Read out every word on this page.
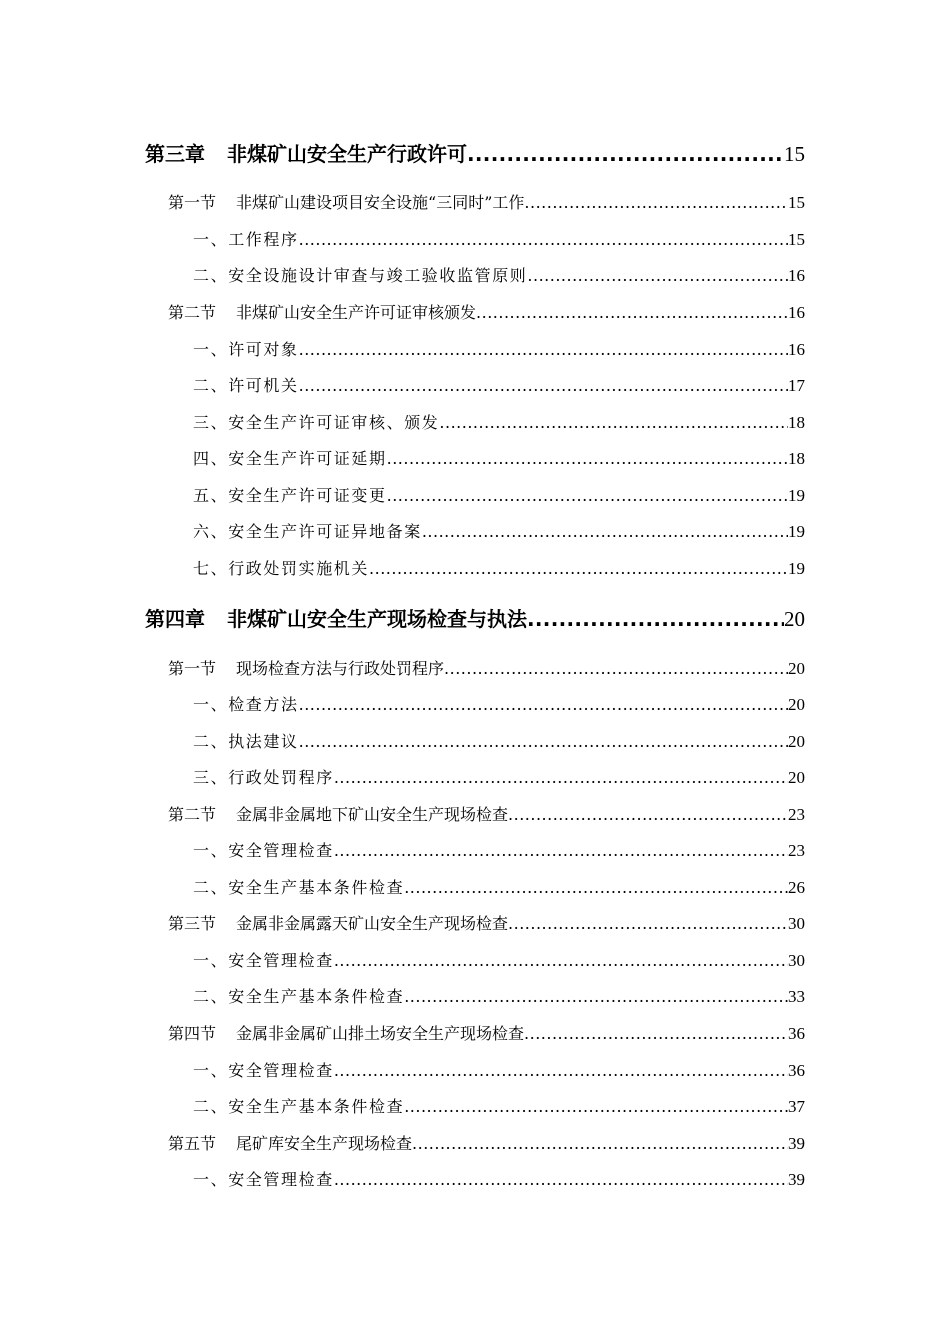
第三章 非煤矿山安全生产行政许可 .....	15
第一节 非煤矿山建设项目安全设施“三同时”工作 .....	15
一、工作程序 .....	15
二、安全设施设计审查与竣工验收监管原则 .....	16
第二节 非煤矿山安全生产许可证审核颁发 .....	16
一、许可对象 .....	16
二、许可机关 .....	17
三、安全生产许可证审核、颁发 .....	18
四、安全生产许可证延期 .....	18
五、安全生产许可证变更 .....	19
六、安全生产许可证异地备案 .....	19
七、行政处罚实施机关 .....	19
第四章 非煤矿山安全生产现场检查与执法 .....	20
第一节 现场检查方法与行政处罚程序 .....	20
一、检查方法 .....	20
二、执法建议 .....	20
三、行政处罚程序 .....	20
第二节 金属非金属地下矿山安全生产现场检查 .....	23
一、安全管理检查 .....	23
二、安全生产基本条件检查 .....	26
第三节 金属非金属露天矿山安全生产现场检查 .....	30
一、安全管理检查 .....	30
二、安全生产基本条件检查 .....	33
第四节 金属非金属矿山排土场安全生产现场检查 .....	36
一、安全管理检查 .....	36
二、安全生产基本条件检查 .....	37
第五节 尾矿库安全生产现场检查 .....	39
一、安全管理检查 .....	39
